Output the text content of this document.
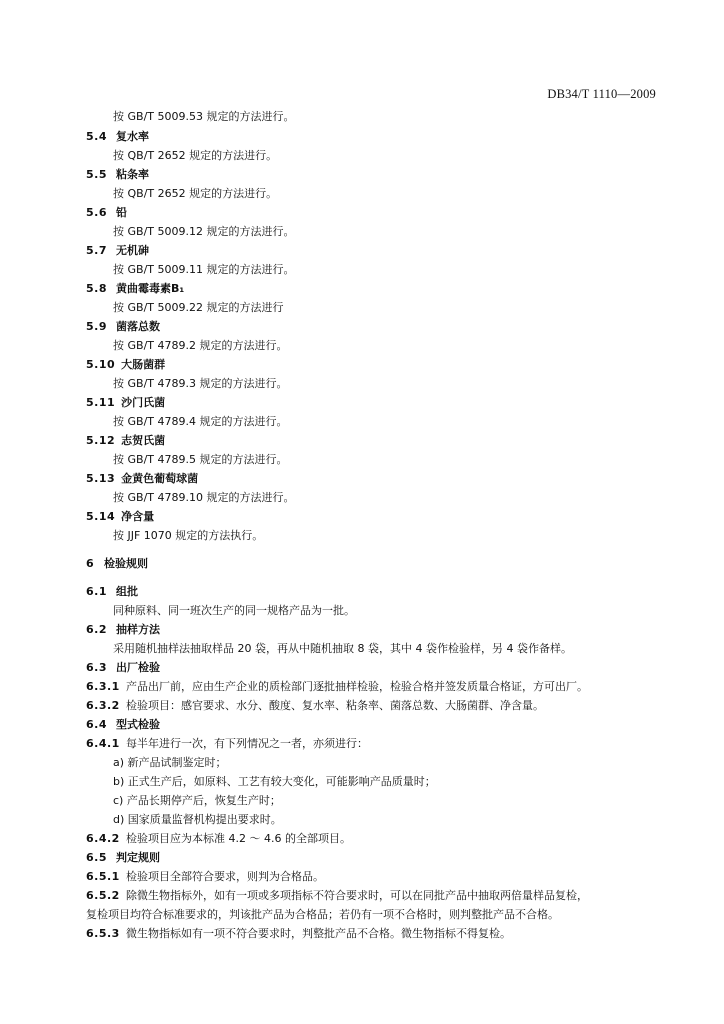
DB34/T 1110—2009
按 GB/T 5009.53 规定的方法进行。
5.4 复水率
按 QB/T 2652 规定的方法进行。
5.5 粘条率
按 QB/T 2652 规定的方法进行。
5.6 铅
按 GB/T 5009.12 规定的方法进行。
5.7 无机砷
按 GB/T 5009.11 规定的方法进行。
5.8 黄曲霉毒素B₁
按 GB/T 5009.22 规定的方法进行
5.9 菌落总数
按 GB/T 4789.2 规定的方法进行。
5.10 大肠菌群
按 GB/T 4789.3 规定的方法进行。
5.11 沙门氏菌
按 GB/T 4789.4 规定的方法进行。
5.12 志贺氏菌
按 GB/T 4789.5 规定的方法进行。
5.13 金黄色葡萄球菌
按 GB/T 4789.10 规定的方法进行。
5.14 净含量
按 JJF 1070 规定的方法执行。
6 检验规则
6.1 组批
同种原料、同一班次生产的同一规格产品为一批。
6.2 抽样方法
采用随机抽样法抽取样品 20 袋，再从中随机抽取 8 袋，其中 4 袋作检验样，另 4 袋作备样。
6.3 出厂检验
6.3.1 产品出厂前，应由生产企业的质检部门逐批抽样检验，检验合格并签发质量合格证，方可出厂。
6.3.2 检验项目：感官要求、水分、酸度、复水率、粘条率、菌落总数、大肠菌群、净含量。
6.4 型式检验
6.4.1 每半年进行一次，有下列情况之一者，亦须进行：
a) 新产品试制鉴定时；
b) 正式生产后，如原料、工艺有较大变化，可能影响产品质量时；
c) 产品长期停产后，恢复生产时；
d) 国家质量监督机构提出要求时。
6.4.2 检验项目应为本标准 4.2 ～ 4.6 的全部项目。
6.5 判定规则
6.5.1 检验项目全部符合要求，则判为合格品。
6.5.2 除微生物指标外，如有一项或多项指标不符合要求时，可以在同批产品中抽取两倍量样品复检，
复检项目均符合标准要求的，判该批产品为合格品；若仍有一项不合格时，则判整批产品不合格。
6.5.3 微生物指标如有一项不符合要求时，判整批产品不合格。微生物指标不得复检。
